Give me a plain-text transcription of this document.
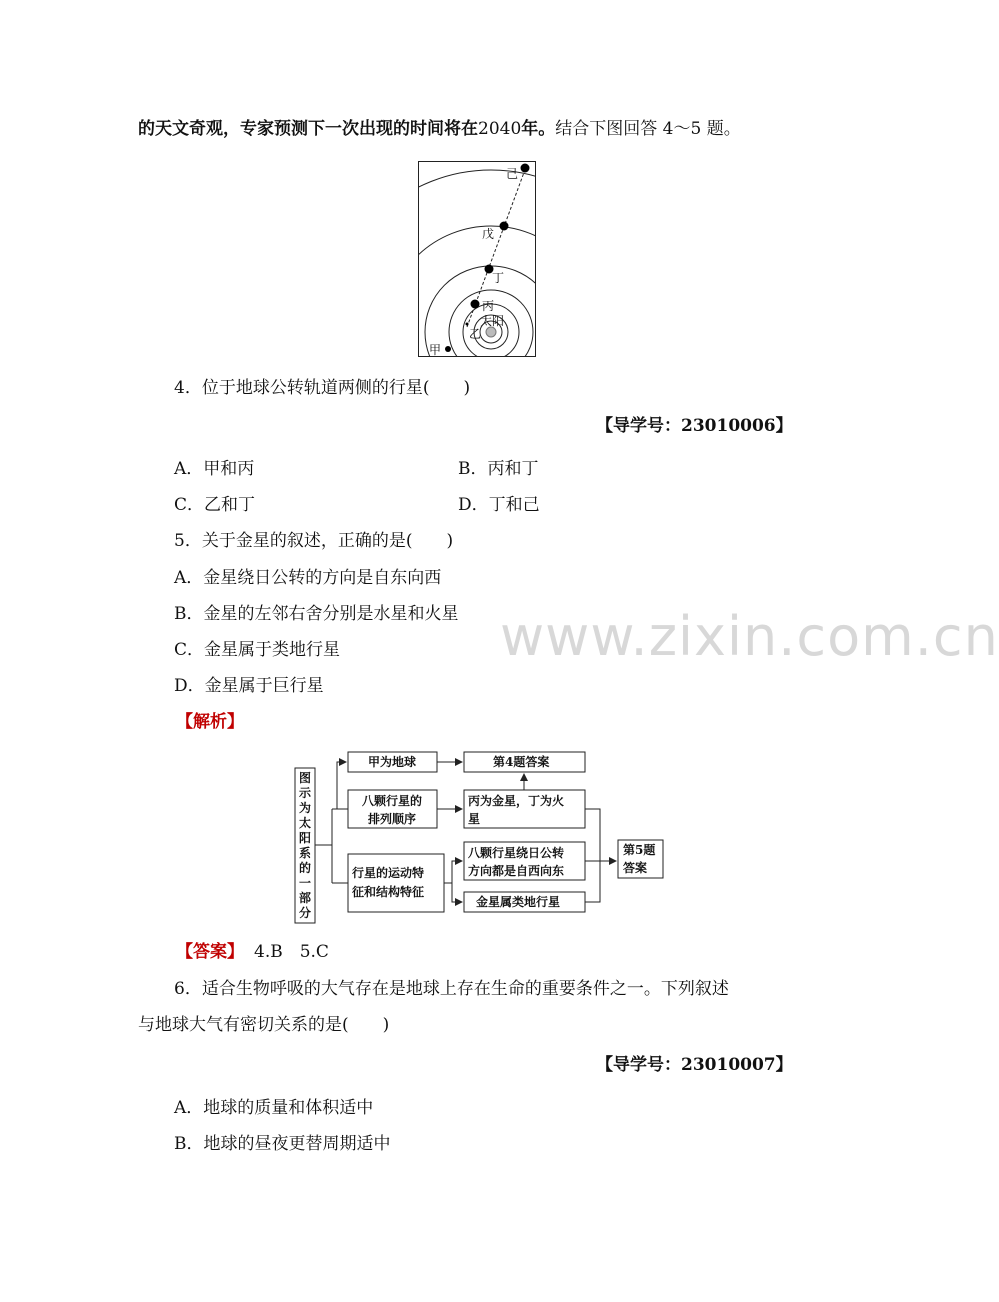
的天文奇观，专家预测下一次出现的时间将在2040年。结合下图回答 4～5 题。
己
戊
丁
丙
太阳
乙
甲
4．位于地球公转轨道两侧的行星(　　)
【导学号：23010006】
A．甲和丙	B．丙和丁
C．乙和丁	D．丁和己
5．关于金星的叙述，正确的是(　　)
A．金星绕日公转的方向是自东向西
B．金星的左邻右舍分别是水星和火星
C．金星属于类地行星
D．金星属于巨行星
www.zixin.com.cn
【解析】
图
示
为
太
阳
系
的
一
部
分
甲为地球	第4题答案
八颗行星的
排列顺序
丙为金星，丁为火
星
第5题
答案
行星的运动特
征和结构特征
八颗行星绕日公转
方向都是自西向东
金星属类地行星
【答案】 4.B　5.C
6．适合生物呼吸的大气存在是地球上存在生命的重要条件之一。下列叙述
与地球大气有密切关系的是(　　)
【导学号：23010007】
A．地球的质量和体积适中
B．地球的昼夜更替周期适中
